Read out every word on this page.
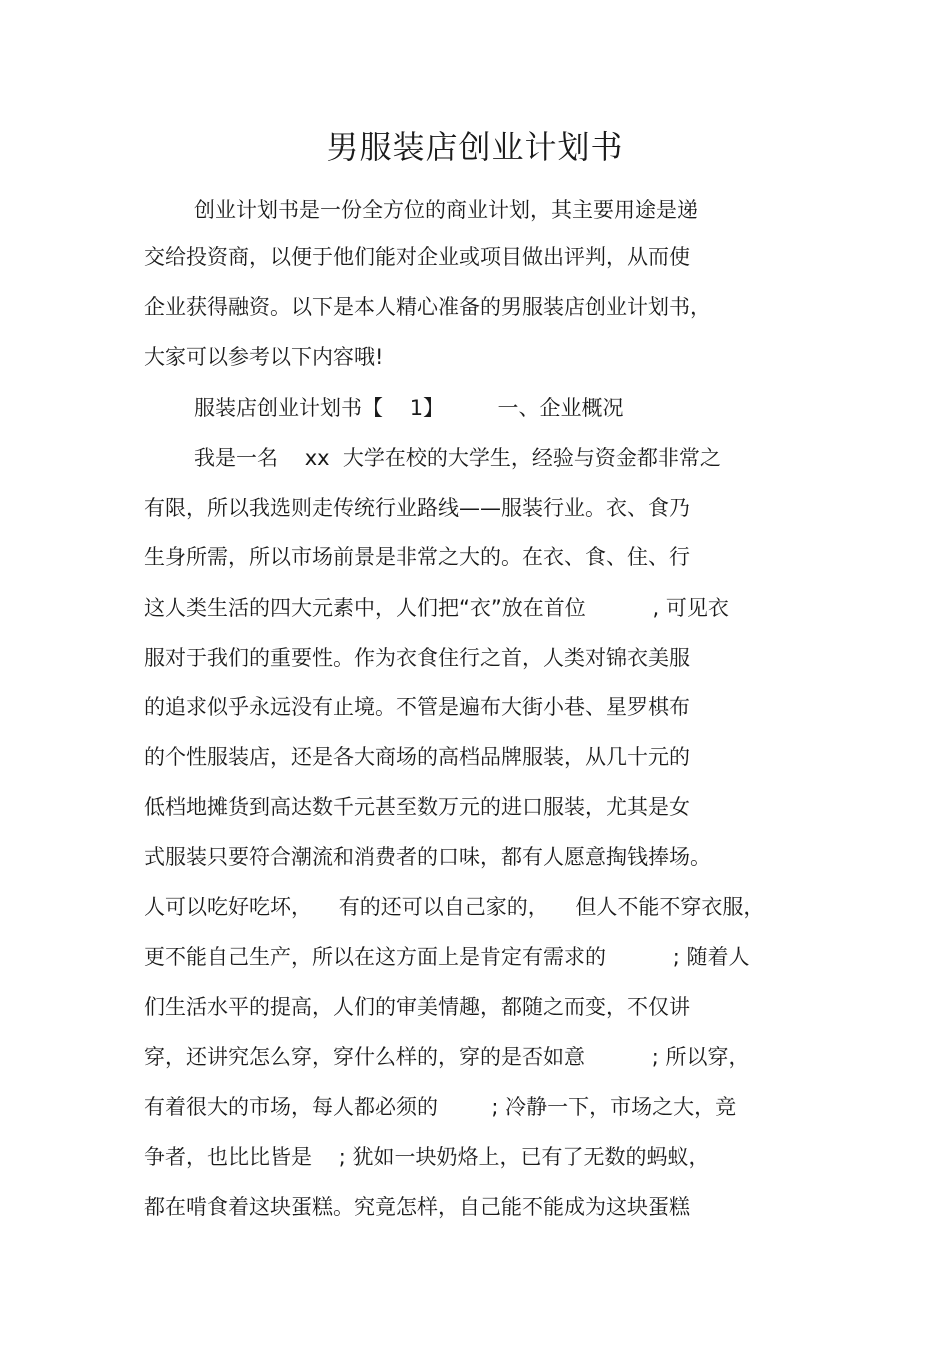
男服装店创业计划书

创业计划书是一份全方位的商业计划，其主要用途是递

交给投资商，以便于他们能对企业或项目做出评判，从而使

企业获得融资。以下是本人精心准备的男服装店创业计划书，

大家可以参考以下内容哦!

服装店创业计划书【    1】        一、企业概况

我是一名    xx  大学在校的大学生，经验与资金都非常之

有限，所以我选则走传统行业路线——服装行业。衣、食乃

生身所需，所以市场前景是非常之大的。在衣、食、住、行

这人类生活的四大元素中，人们把“衣”放在首位          , 可见衣

服对于我们的重要性。作为衣食住行之首，人类对锦衣美服

的追求似乎永远没有止境。不管是遍布大街小巷、星罗棋布

的个性服装店，还是各大商场的高档品牌服装，从几十元的

低档地摊货到高达数千元甚至数万元的进口服装，尤其是女

式服装只要符合潮流和消费者的口味，都有人愿意掏钱捧场。

人可以吃好吃坏，    有的还可以自己家的，    但人不能不穿衣服，

更不能自己生产，所以在这方面上是肯定有需求的          ; 随着人

们生活水平的提高，人们的审美情趣，都随之而变，不仅讲

穿，还讲究怎么穿，穿什么样的，穿的是否如意          ; 所以穿，

有着很大的市场，每人都必须的        ; 冷静一下，市场之大，竞

争者，也比比皆是    ; 犹如一块奶烙上，已有了无数的蚂蚁，

都在啃食着这块蛋糕。究竟怎样，自己能不能成为这块蛋糕
